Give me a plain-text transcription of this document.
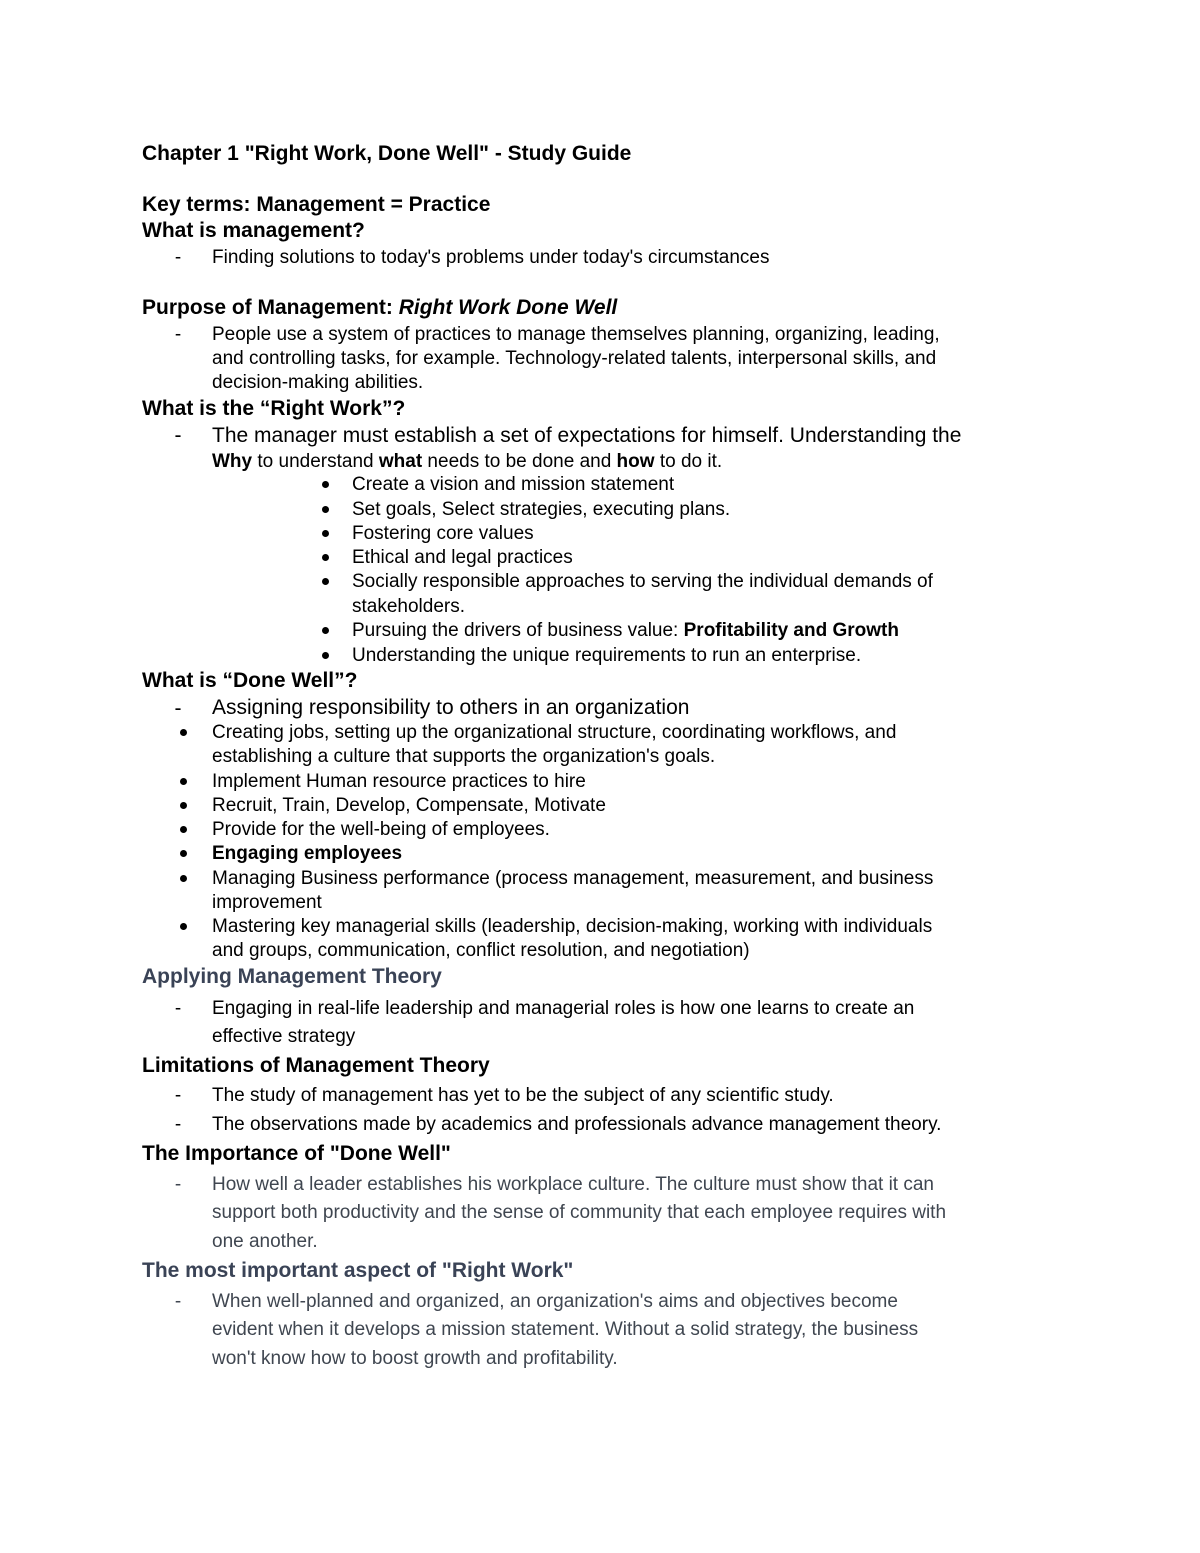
Chapter 1 "Right Work, Done Well" - Study Guide

Key terms: Management = Practice

What is management?

- Finding solutions to today's problems under today's circumstances

Purpose of Management: Right Work Done Well

- People use a system of practices to manage themselves planning, organizing, leading,
and controlling tasks, for example. Technology-related talents, interpersonal skills, and
decision-making abilities.

What is the “Right Work”?

- The manager must establish a set of expectations for himself. Understanding the
Why to understand what needs to be done and how to do it.
Create a vision and mission statement
Set goals, Select strategies, executing plans.
Fostering core values
Ethical and legal practices
Socially responsible approaches to serving the individual demands of
stakeholders.
Pursuing the drivers of business value: Profitability and Growth
Understanding the unique requirements to run an enterprise.

What is “Done Well”?

- Assigning responsibility to others in an organization
Creating jobs, setting up the organizational structure, coordinating workflows, and
establishing a culture that supports the organization's goals.
Implement Human resource practices to hire
Recruit, Train, Develop, Compensate, Motivate
Provide for the well-being of employees.
Engaging employees
Managing Business performance (process management, measurement, and business
improvement
Mastering key managerial skills (leadership, decision-making, working with individuals
and groups, communication, conflict resolution, and negotiation)

Applying Management Theory

- Engaging in real-life leadership and managerial roles is how one learns to create an
effective strategy

Limitations of Management Theory

- The study of management has yet to be the subject of any scientific study.
- The observations made by academics and professionals advance management theory.

The Importance of "Done Well"

- How well a leader establishes his workplace culture. The culture must show that it can
support both productivity and the sense of community that each employee requires with
one another.

The most important aspect of "Right Work"

- When well-planned and organized, an organization's aims and objectives become
evident when it develops a mission statement. Without a solid strategy, the business
won't know how to boost growth and profitability.
